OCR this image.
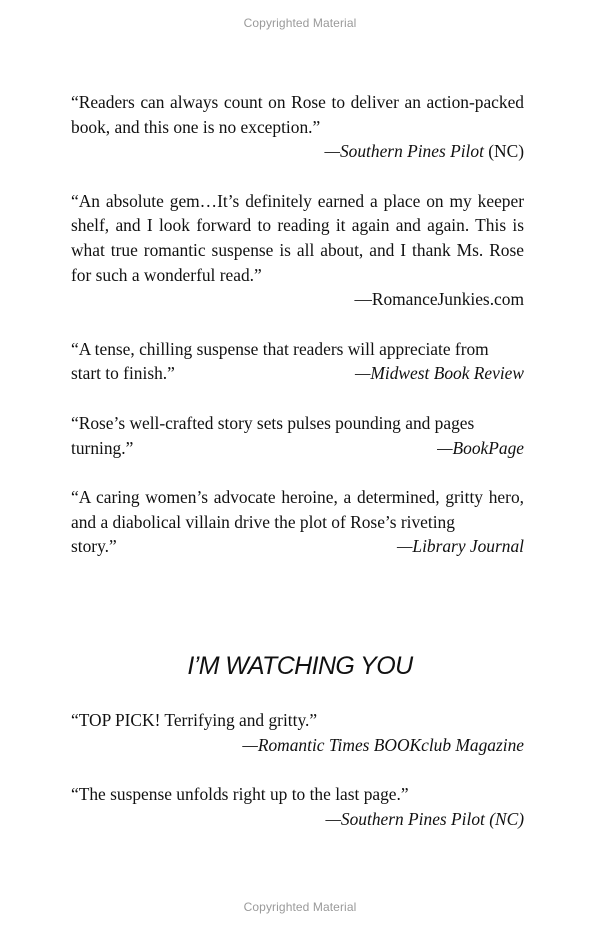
Copyrighted Material

“Readers can always count on Rose to deliver an action-packed book, and this one is no exception.”

—Southern Pines Pilot (NC)

“An absolute gem…It’s definitely earned a place on my keeper shelf, and I look forward to reading it again and again. This is what true romantic suspense is all about, and I thank Ms. Rose for such a wonderful read.”

—RomanceJunkies.com

“A tense, chilling suspense that readers will appreciate from

start to finish.”	—Midwest Book Review

“Rose’s well-crafted story sets pulses pounding and pages

turning.”	—BookPage

“A caring women’s advocate heroine, a determined, gritty hero, and a diabolical villain drive the plot of Rose’s riveting

story.”	—Library Journal
I’M WATCHING YOU

“TOP PICK! Terrifying and gritty.”

—Romantic Times BOOKclub Magazine

“The suspense unfolds right up to the last page.”

—Southern Pines Pilot (NC)

Copyrighted Material
